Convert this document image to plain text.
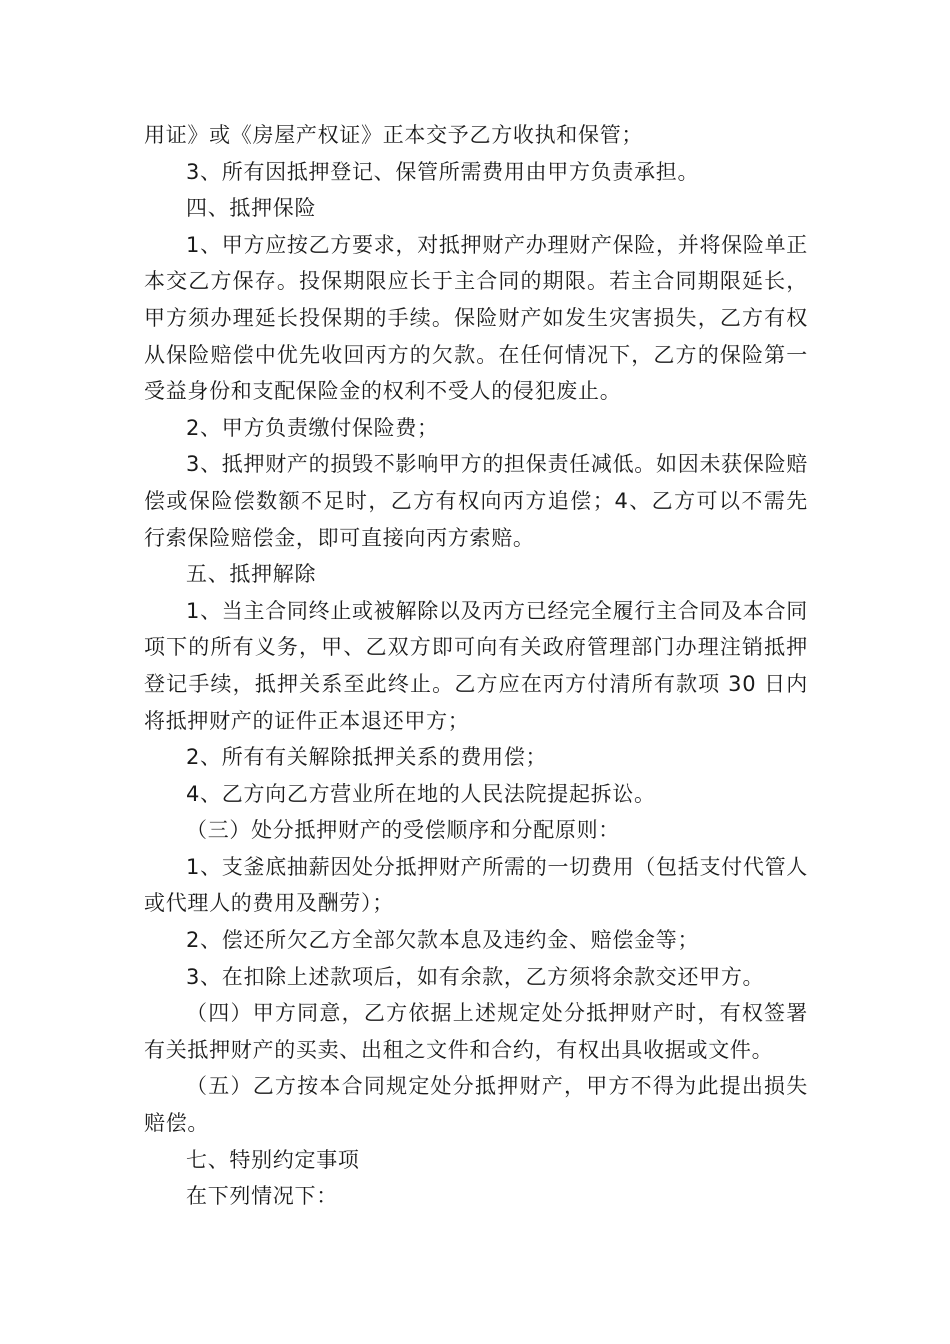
用证》或《房屋产权证》正本交予乙方收执和保管；

3、所有因抵押登记、保管所需费用由甲方负责承担。

四、抵押保险

1、甲方应按乙方要求，对抵押财产办理财产保险，并将保险单正本交乙方保存。投保期限应长于主合同的期限。若主合同期限延长，甲方须办理延长投保期的手续。保险财产如发生灾害损失，乙方有权从保险赔偿中优先收回丙方的欠款。在任何情况下，乙方的保险第一受益身份和支配保险金的权利不受人的侵犯废止。

2、甲方负责缴付保险费；

3、抵押财产的损毁不影响甲方的担保责任减低。如因未获保险赔偿或保险偿数额不足时，乙方有权向丙方追偿；4、乙方可以不需先行索保险赔偿金，即可直接向丙方索赔。

五、抵押解除

1、当主合同终止或被解除以及丙方已经完全履行主合同及本合同项下的所有义务，甲、乙双方即可向有关政府管理部门办理注销抵押登记手续，抵押关系至此终止。乙方应在丙方付清所有款项 30 日内将抵押财产的证件正本退还甲方；

2、所有有关解除抵押关系的费用偿；

4、乙方向乙方营业所在地的人民法院提起拆讼。

（三）处分抵押财产的受偿顺序和分配原则：

1、支釜底抽薪因处分抵押财产所需的一切费用（包括支付代管人或代理人的费用及酬劳）；

2、偿还所欠乙方全部欠款本息及违约金、赔偿金等；

3、在扣除上述款项后，如有余款，乙方须将余款交还甲方。

（四）甲方同意，乙方依据上述规定处分抵押财产时，有权签署有关抵押财产的买卖、出租之文件和合约，有权出具收据或文件。

（五）乙方按本合同规定处分抵押财产，甲方不得为此提出损失赔偿。

七、特别约定事项

在下列情况下：
